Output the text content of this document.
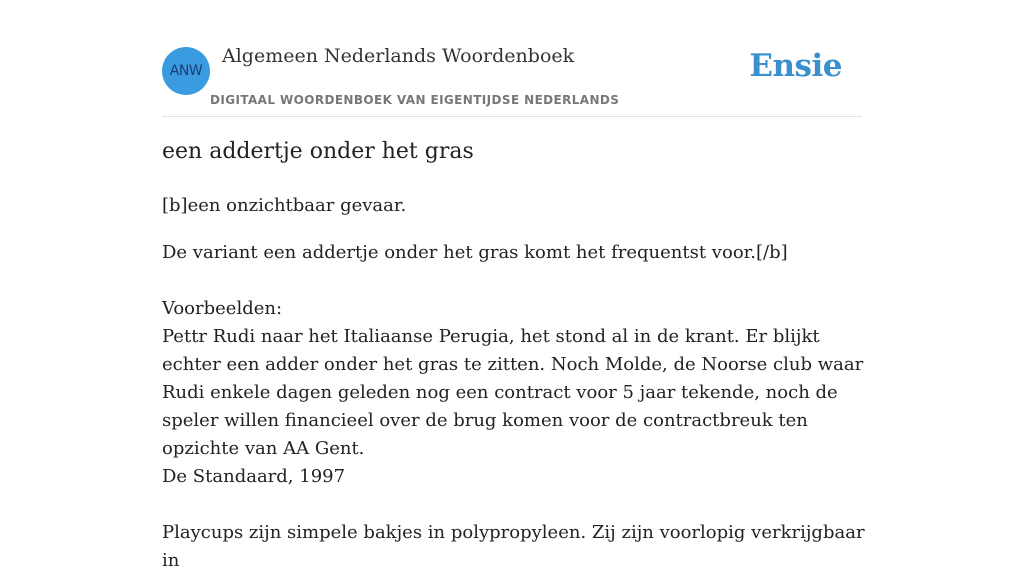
ANW
Algemeen Nederlands Woordenboek
DIGITAAL WOORDENBOEK VAN EIGENTIJDSE NEDERLANDS
Ensie
een addertje onder het gras

[b]een onzichtbaar gevaar.

De variant een addertje onder het gras komt het frequentst voor.[/b]

Voorbeelden:
Pettr Rudi naar het Italiaanse Perugia, het stond al in de krant. Er blijkt echter een adder onder het gras te zitten. Noch Molde, de Noorse club waar Rudi enkele dagen geleden nog een contract voor 5 jaar tekende, noch de speler willen financieel over de brug komen voor de contractbreuk ten opzichte van AA Gent.
De Standaard, 1997
Playcups zijn simpele bakjes in polypropyleen. Zij zijn voorlopig verkrijgbaar in
